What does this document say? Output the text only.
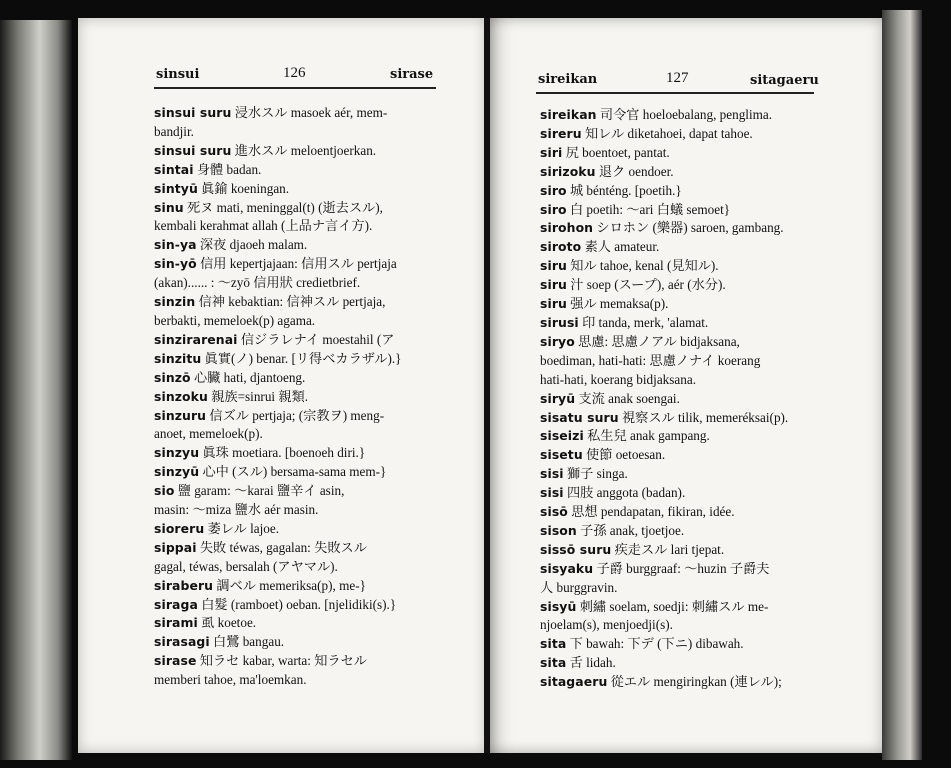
sinsui	126	sirase

sinsui suru 浸水スル masoek aér, mem-

bandjir.

sinsui suru 進水スル meloentjoerkan.

sintai 身體 badan.

sintyū 眞鍮 koeningan.

sinu 死ヌ mati, meninggal(t) (逝去スル),

kembali kerahmat allah (上品ナ言イ方).

sin-ya 深夜 djaoeh malam.

sin-yō 信用 kepertjajaan: 信用スル pertjaja

(akan)...... : ～zyō 信用狀 credietbrief.

sinzin 信神 kebaktian: 信神スル pertjaja,

berbakti, memeloek(p) agama.

sinzirarenai 信ジラレナイ moestahil (ア

sinzitu 眞實(ノ) benar. [リ得ベカラザル).}

sinzō 心臟 hati, djantoeng.

sinzoku 親族=sinrui 親類.

sinzuru 信ズル pertjaja; (宗教ヲ) meng-

anoet, memeloek(p).

sinzyu 眞珠 moetiara. [boenoeh diri.}

sinzyū 心中 (スル) bersama-sama mem-}

sio 鹽 garam: ～karai 鹽辛イ asin,

masin: ～miza 鹽水 aér masin.

sioreru 萎レル lajoe.

sippai 失敗 téwas, gagalan: 失敗スル

gagal, téwas, bersalah (アヤマル).

siraberu 調ベル memeriksa(p), me-}

siraga 白髮 (ramboet) oeban. [njelidiki(s).}

sirami 虱 koetoe.

sirasagi 白鷺 bangau.

sirase 知ラセ kabar, warta: 知ラセル

memberi tahoe, ma'loemkan.

sireikan	127	sitagaeru

sireikan 司令官 hoeloebalang, penglima.

sireru 知レル diketahoei, dapat tahoe.

siri 尻 boentoet, pantat.

sirizoku 退ク oendoer.

siro 城 bénténg. [poetih.}

siro 白 poetih: ～ari 白蟻 semoet}

sirohon シロホン (樂器) saroen, gambang.

siroto 素人 amateur.

siru 知ル tahoe, kenal (見知ル).

siru 汁 soep (スープ), aér (水分).

siru 强ル memaksa(p).

sirusi 印 tanda, merk, 'alamat.

siryo 思慮: 思慮ノアル bidjaksana,

boediman, hati-hati: 思慮ノナイ koerang

hati-hati, koerang bidjaksana.

siryū 支流 anak soengai.

sisatu suru 視察スル tilik, memeréksai(p).

siseizi 私生兒 anak gampang.

sisetu 使節 oetoesan.

sisi 獅子 singa.

sisi 四肢 anggota (badan).

sisō 思想 pendapatan, fikiran, idée.

sison 子孫 anak, tjoetjoe.

sissō suru 疾走スル lari tjepat.

sisyaku 子爵 burggraaf: ～huzin 子爵夫

人 burggravin.

sisyū 刺繡 soelam, soedji: 刺繡スル me-

njoelam(s), menjoedji(s).

sita 下 bawah: 下デ (下ニ) dibawah.

sita 舌 lidah.

sitagaeru 從エル mengiringkan (連レル);
